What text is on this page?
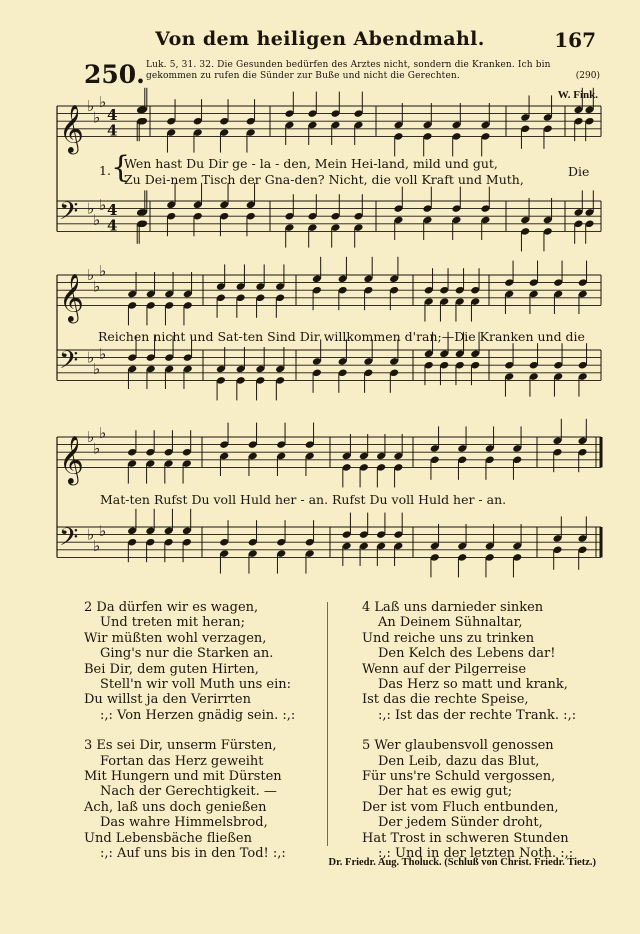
Von dem heiligen Abendmahl.	167
250. Luk. 5, 31. 32. Die Gesunden bedürfen des Arztes nicht, sondern die Kranken. Ich bin gekommen zu rufen die Sünder zur Buße und nicht die Gerechten.	(290)
W. Fink.
𝄞 ♭
♭
♭
4
4
𝄢 ♭
♭
♭ 4
4
𝄞 ♭
♭
♭
𝄢 ♭
♭
♭
𝄞 ♭
♭
♭
𝄢 ♭
♭
♭
1. {
Wen hast Du Dir ge - la - den, Mein Hei-land, mild und gut,
Zu Dei-nem Tisch der Gna-den? Nicht, die voll Kraft und Muth,
Die
Reichen nicht und Sat-ten Sind Dir willkommen d'ran;—Die Kranken und die
Mat-ten Rufst Du voll Huld her - an. Rufst Du voll Huld her - an.
2 Da dürfen wir es wagen,
Und treten mit heran;
Wir müßten wohl verzagen,
Ging's nur die Starken an.
Bei Dir, dem guten Hirten,
Stell'n wir voll Muth uns ein:
Du willst ja den Verirrten
:,: Von Herzen gnädig sein. :,:
3 Es sei Dir, unserm Fürsten,
Fortan das Herz geweiht
Mit Hungern und mit Dürsten
Nach der Gerechtigkeit. —
Ach, laß uns doch genießen
Das wahre Himmelsbrod,
Und Lebensbäche fließen
:,: Auf uns bis in den Tod! :,:
4 Laß uns darnieder sinken
An Deinem Sühnaltar,
Und reiche uns zu trinken
Den Kelch des Lebens dar!
Wenn auf der Pilgerreise
Das Herz so matt und krank,
Ist das die rechte Speise,
:,: Ist das der rechte Trank. :,:
5 Wer glaubensvoll genossen
Den Leib, dazu das Blut,
Für uns're Schuld vergossen,
Der hat es ewig gut;
Der ist vom Fluch entbunden,
Der jedem Sünder droht,
Hat Trost in schweren Stunden
:,: Und in der letzten Noth. :,:
Dr. Friedr. Aug. Tholuck. (Schluß von Christ. Friedr. Tietz.)
